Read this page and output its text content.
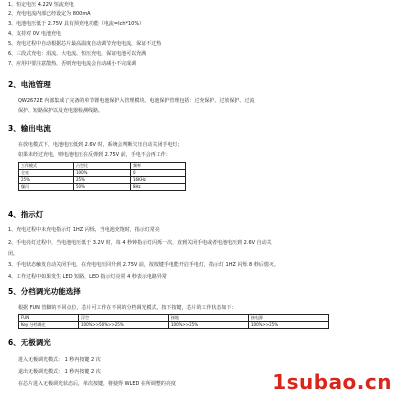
1、恒定电压 4.22V 恒流充电
2、充电电流内部已经设定为 800mA
3、电池电压低于 2.75V 具有预充电功能（电流=Ich*10%）
4、支持对 0V 电池充电
5、充电过程中自动根据芯片最高温度自动调节充电电流，保证不过热
6、三段式充电：涓流、大电流、恒压充电，保证电池可以充满
7、应用中要注意散热，否则充电电流会自动减小不完成调
2、电池管理
QW2672E 内部集成了完备的单节锂电池保护入管理模块。电池保护管理包括：过充保护、过放保护、过流
保护、短路保护以及充电器检测线路。
3、输出电流
在放电模式下，电池电压低到 2.6V 时，系统会判断欠压自动关闭手电灯；
如果未经过充电，则电池电压在反弹到 2.75V 前，手电不会再工作：
工作模式	占空比	频率
全亮	100%	0
25%	25%	16KHz
爆闪	50%	8Hz
4、指示灯
1、充电过程中未充电指示灯 1HZ 闪烁，当电池充饱时，指示灯常亮
2、手电亮灯过程中，当电池电压低于 3.2V 时，每 4 秒钟指示灯闪烁一次，直到关闭手电或者电池电压到 2.6V 自动关
闭。
3、手电状态触发自动关闭手电，在充电电压回升到 2.75V 前，按按键手电能开启手电灯，指示灯 1HZ 闪烁 8 秒后熄灭。
4、工作过程中如果发生 LED 短路，LED 指示灯亮常 4 秒表示电路异常
5、分档调光功能选择
根据 FUN 管脚的不同点位，芯片可工作在不同的分档调光模式，按下按键，芯片的工作状态如下：
FUN	浮空	接地	接电源
Key 分档调光	100%>>50%>>25%	100%>>25%	100%>>25%
6、无极调光
进入无极调光模式： 1 秒内按键 2 次
退出无极调光模式： 1 秒内按键 2 次
在芯片进入无极调光状态后，单次按键，将使得 WLED 在所调整的亮度	1subao.cn
